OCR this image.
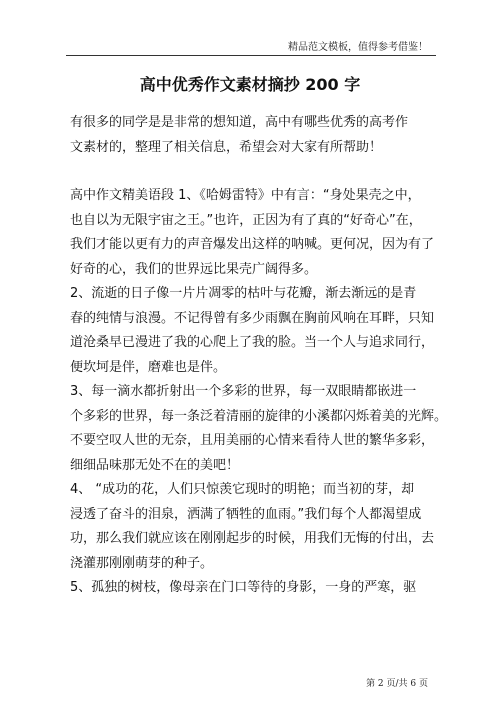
精品范文模板，值得参考借鉴！
高中优秀作文素材摘抄 200 字

有很多的同学是是非常的想知道，高中有哪些优秀的高考作
文素材的，整理了相关信息，希望会对大家有所帮助！

高中作文精美语段 1、《哈姆雷特》中有言：“身处果壳之中，
也自以为无限宇宙之王。”也许，正因为有了真的“好奇心”在，
我们才能以更有力的声音爆发出这样的呐喊。更何况，因为有了
好奇的心，我们的世界远比果壳广阔得多。

2、流逝的日子像一片片凋零的枯叶与花瓣，渐去渐远的是青
春的纯情与浪漫。不记得曾有多少雨飘在胸前风响在耳畔，只知
道沧桑早已漫进了我的心爬上了我的脸。当一个人与追求同行，
便坎坷是伴，磨难也是伴。

3、每一滴水都折射出一个多彩的世界，每一双眼睛都嵌进一
个多彩的世界，每一条泛着清丽的旋律的小溪都闪烁着美的光辉。
不要空叹人世的无奈，且用美丽的心情来看待人世的繁华多彩，
细细品味那无处不在的美吧！

4、 “成功的花，人们只惊羡它现时的明艳；而当初的芽，却
浸透了奋斗的泪泉，洒满了牺牲的血雨。”我们每个人都渴望成
功，那么我们就应该在刚刚起步的时候，用我们无悔的付出，去
浇灌那刚刚萌芽的种子。

5、孤独的树枝，像母亲在门口等待的身影，一身的严寒，驱

第 2 页/共 6 页
